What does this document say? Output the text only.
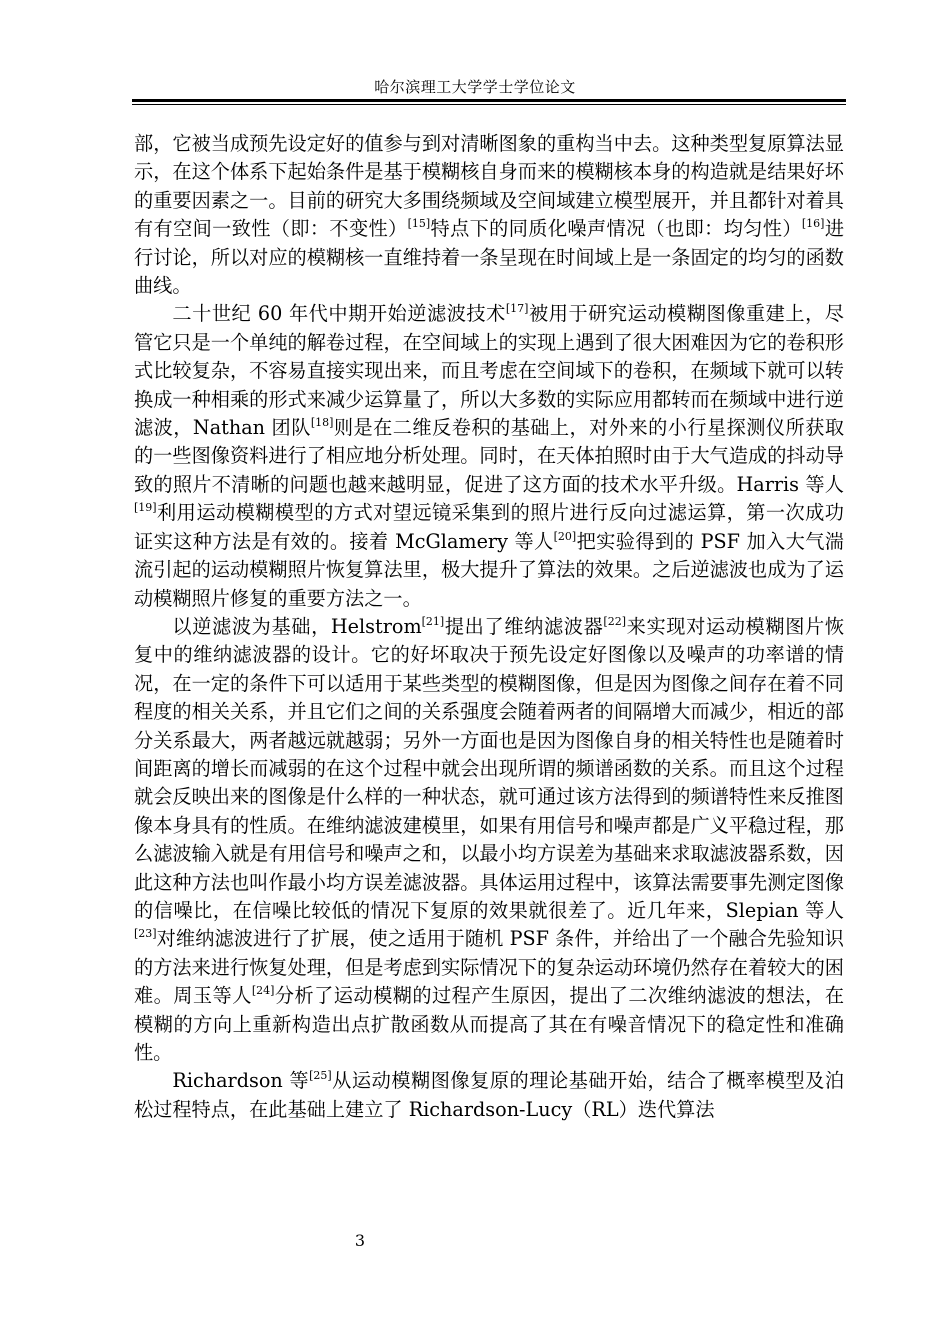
哈尔滨理工大学学士学位论文

部，它被当成预先设定好的值参与到对清晰图象的重构当中去。这种类型复原算法显示，在这个体系下起始条件是基于模糊核自身而来的模糊核本身的构造就是结果好坏的重要因素之一。目前的研究大多围绕频域及空间域建立模型展开，并且都针对着具有有空间一致性（即：不变性）[15]特点下的同质化噪声情况（也即：均匀性）[16]进行讨论，所以对应的模糊核一直维持着一条呈现在时间域上是一条固定的均匀的函数曲线。

二十世纪 60 年代中期开始逆滤波技术[17]被用于研究运动模糊图像重建上，尽管它只是一个单纯的解卷过程，在空间域上的实现上遇到了很大困难因为它的卷积形式比较复杂，不容易直接实现出来，而且考虑在空间域下的卷积，在频域下就可以转换成一种相乘的形式来减少运算量了，所以大多数的实际应用都转而在频域中进行逆滤波，Nathan 团队[18]则是在二维反卷积的基础上，对外来的小行星探测仪所获取的一些图像资料进行了相应地分析处理。同时，在天体拍照时由于大气造成的抖动导致的照片不清晰的问题也越来越明显，促进了这方面的技术水平升级。Harris 等人[19]利用运动模糊模型的方式对望远镜采集到的照片进行反向过滤运算，第一次成功证实这种方法是有效的。接着 McGlamery 等人[20]把实验得到的 PSF 加入大气湍流引起的运动模糊照片恢复算法里，极大提升了算法的效果。之后逆滤波也成为了运动模糊照片修复的重要方法之一。

以逆滤波为基础，Helstrom[21]提出了维纳滤波器[22]来实现对运动模糊图片恢复中的维纳滤波器的设计。它的好坏取决于预先设定好图像以及噪声的功率谱的情况，在一定的条件下可以适用于某些类型的模糊图像，但是因为图像之间存在着不同程度的相关关系，并且它们之间的关系强度会随着两者的间隔增大而减少，相近的部分关系最大，两者越远就越弱；另外一方面也是因为图像自身的相关特性也是随着时间距离的增长而减弱的在这个过程中就会出现所谓的频谱函数的关系。而且这个过程就会反映出来的图像是什么样的一种状态，就可通过该方法得到的频谱特性来反推图像本身具有的性质。在维纳滤波建模里，如果有用信号和噪声都是广义平稳过程，那么滤波输入就是有用信号和噪声之和，以最小均方误差为基础来求取滤波器系数，因此这种方法也叫作最小均方误差滤波器。具体运用过程中，该算法需要事先测定图像的信噪比，在信噪比较低的情况下复原的效果就很差了。近几年来，Slepian 等人[23]对维纳滤波进行了扩展，使之适用于随机 PSF 条件，并给出了一个融合先验知识的方法来进行恢复处理，但是考虑到实际情况下的复杂运动环境仍然存在着较大的困难。周玉等人[24]分析了运动模糊的过程产生原因，提出了二次维纳滤波的想法，在模糊的方向上重新构造出点扩散函数从而提高了其在有噪音情况下的稳定性和准确性。

Richardson 等[25]从运动模糊图像复原的理论基础开始，结合了概率模型及泊松过程特点，在此基础上建立了 Richardson-Lucy（RL）迭代算法

3
